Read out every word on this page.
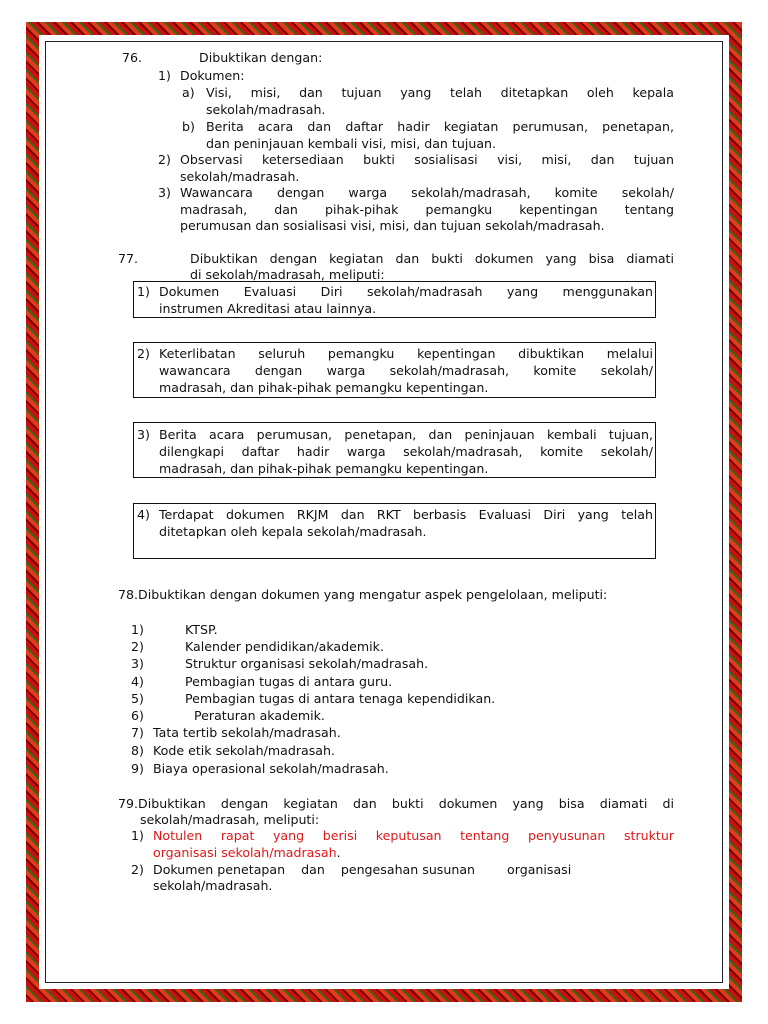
76.	Dibuktikan dengan:
1) Dokumen:
a) Visi, misi, dan tujuan yang telah ditetapkan oleh kepala
sekolah/madrasah.
b) Berita acara dan daftar hadir kegiatan perumusan, penetapan,
dan peninjauan kembali visi, misi, dan tujuan.
2) Observasi ketersediaan bukti sosialisasi visi, misi, dan tujuan
sekolah/madrasah.
3) Wawancara dengan warga sekolah/madrasah, komite sekolah/
madrasah, dan pihak-pihak pemangku kepentingan tentang
perumusan dan sosialisasi visi, misi, dan tujuan sekolah/madrasah.
77.	Dibuktikan dengan kegiatan dan bukti dokumen yang bisa diamati
di sekolah/madrasah, meliputi:
1) Dokumen Evaluasi Diri sekolah/madrasah yang menggunakan
instrumen Akreditasi atau lainnya.
2) Keterlibatan seluruh pemangku kepentingan dibuktikan melalui
wawancara dengan warga sekolah/madrasah, komite sekolah/
madrasah, dan pihak-pihak pemangku kepentingan.
3) Berita acara perumusan, penetapan, dan peninjauan kembali tujuan,
dilengkapi daftar hadir warga sekolah/madrasah, komite sekolah/
madrasah, dan pihak-pihak pemangku kepentingan.
4) Terdapat dokumen RKJM dan RKT berbasis Evaluasi Diri yang telah
ditetapkan oleh kepala sekolah/madrasah.
78.Dibuktikan dengan dokumen yang mengatur aspek pengelolaan, meliputi:
1)	KTSP.
2)	Kalender pendidikan/akademik.
3)	Struktur organisasi sekolah/madrasah.
4)	Pembagian tugas di antara guru.
5)	Pembagian tugas di antara tenaga kependidikan.
6)	Peraturan akademik.
7) Tata tertib sekolah/madrasah.
8) Kode etik sekolah/madrasah.
9) Biaya operasional sekolah/madrasah.
79.Dibuktikan dengan kegiatan dan bukti dokumen yang bisa diamati di
sekolah/madrasah, meliputi:
1) Notulen rapat yang berisi keputusan tentang penyusunan struktur
organisasi sekolah/madrasah.
2) Dokumen penetapan    dan    pengesahan susunan        organisasi
sekolah/madrasah.
